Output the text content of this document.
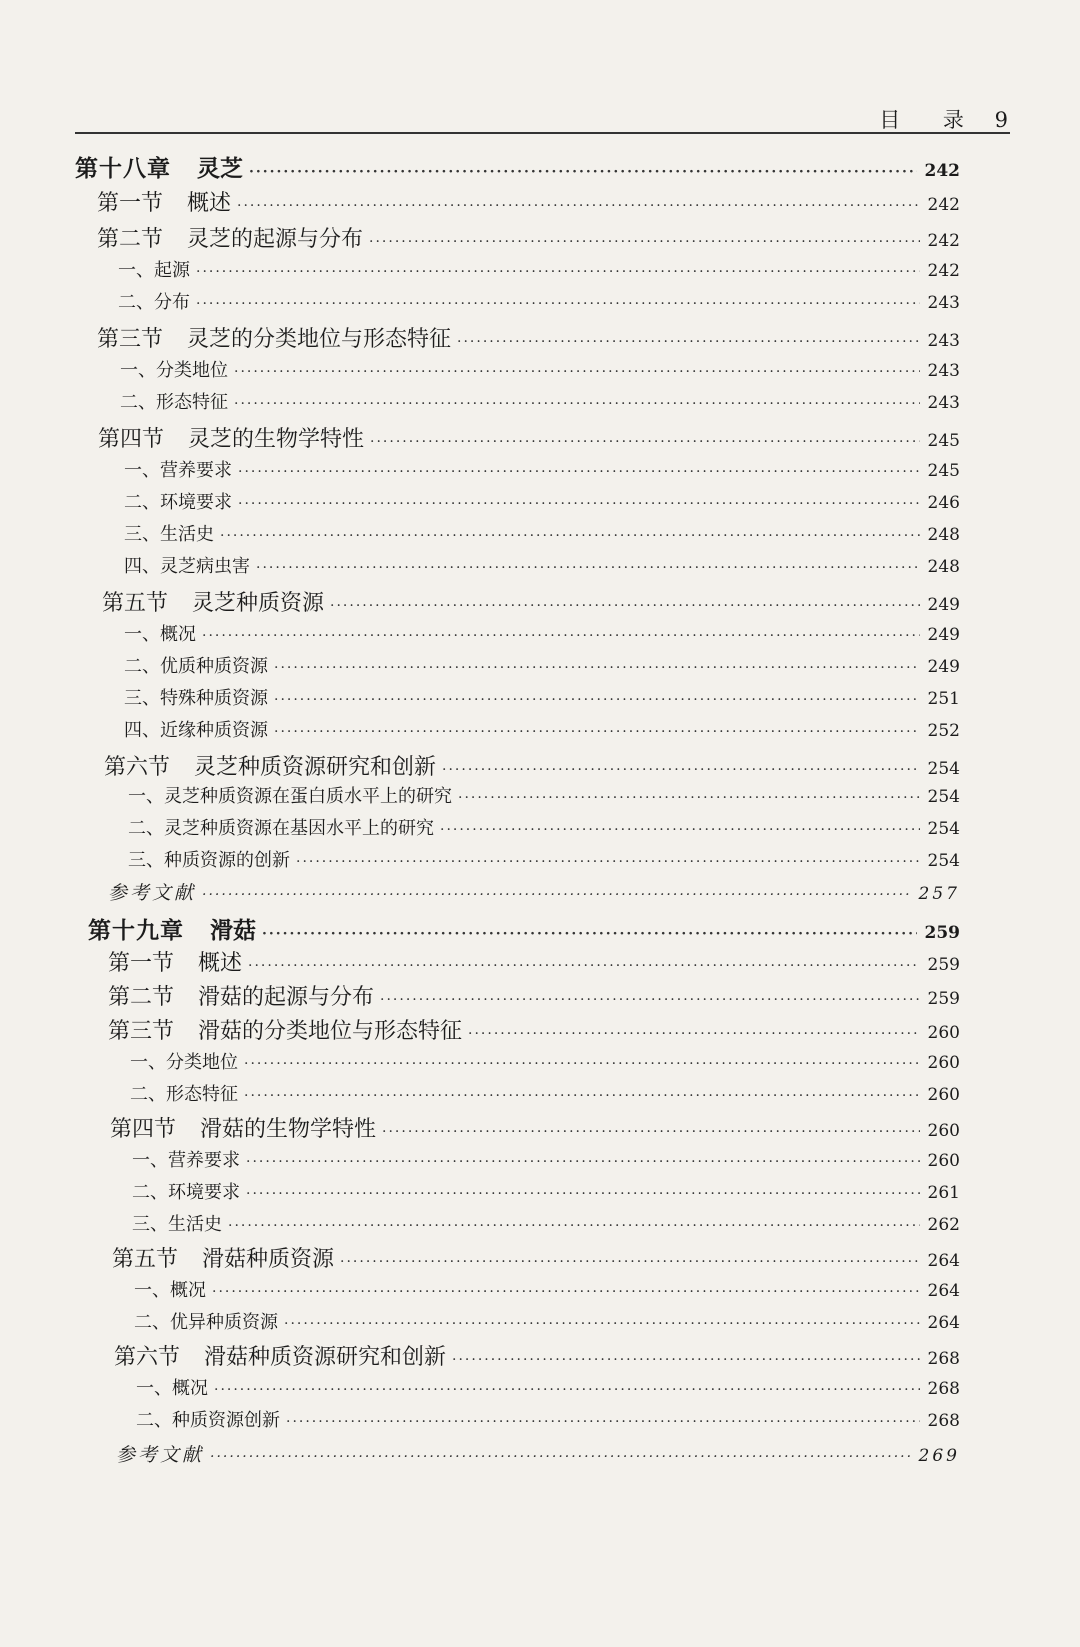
目 录 9
第十八章 灵芝 ·····	242
第一节 概述 ·····	242
第二节 灵芝的起源与分布 ·····	242
一、起源 ·····	242
二、分布 ·····	243
第三节 灵芝的分类地位与形态特征 ·····	243
一、分类地位 ·····	243
二、形态特征 ·····	243
第四节 灵芝的生物学特性 ·····	245
一、营养要求 ·····	245
二、环境要求 ·····	246
三、生活史 ·····	248
四、灵芝病虫害 ·····	248
第五节 灵芝种质资源 ·····	249
一、概况 ·····	249
二、优质种质资源 ·····	249
三、特殊种质资源 ·····	251
四、近缘种质资源 ·····	252
第六节 灵芝种质资源研究和创新 ·····	254
一、灵芝种质资源在蛋白质水平上的研究 ·····	254
二、灵芝种质资源在基因水平上的研究 ·····	254
三、种质资源的创新 ·····	254
参考文献 ·····	257
第十九章 滑菇 ·····	259
第一节 概述 ·····	259
第二节 滑菇的起源与分布 ·····	259
第三节 滑菇的分类地位与形态特征 ·····	260
一、分类地位 ·····	260
二、形态特征 ·····	260
第四节 滑菇的生物学特性 ·····	260
一、营养要求 ·····	260
二、环境要求 ·····	261
三、生活史 ·····	262
第五节 滑菇种质资源 ·····	264
一、概况 ·····	264
二、优异种质资源 ·····	264
第六节 滑菇种质资源研究和创新 ·····	268
一、概况 ·····	268
二、种质资源创新 ·····	268
参考文献 ·····	269
